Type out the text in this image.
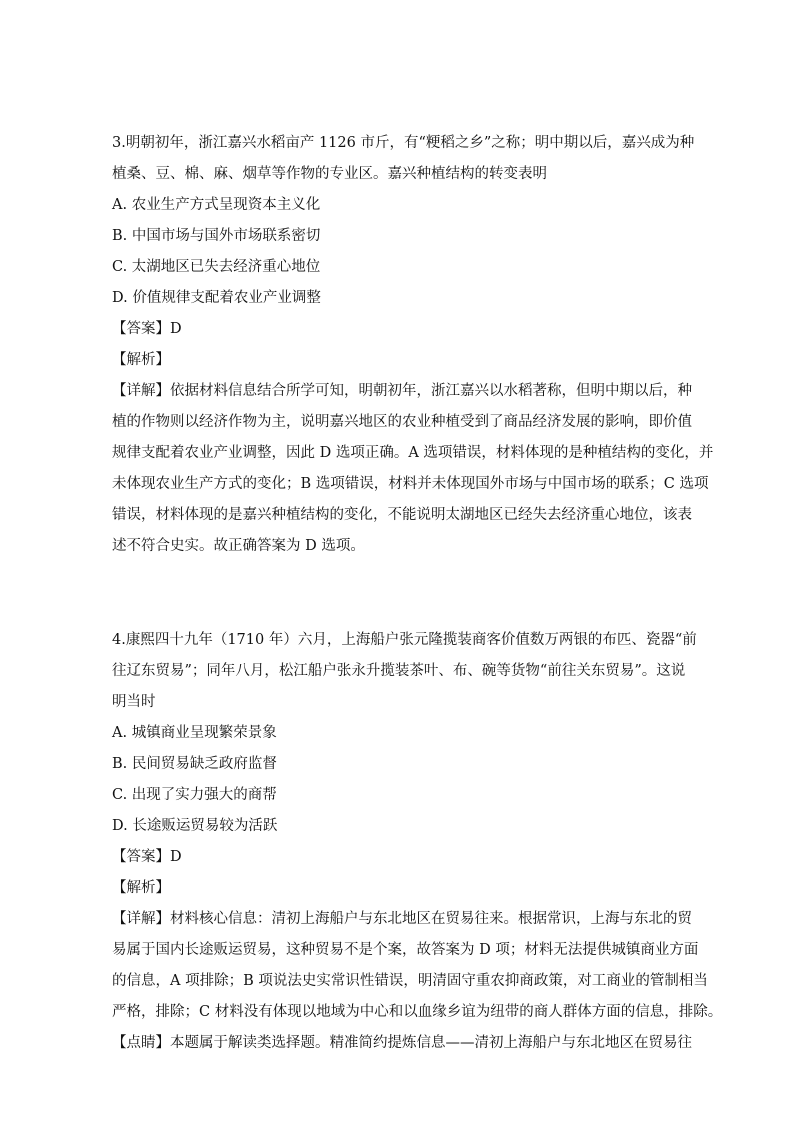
3.明朝初年，浙江嘉兴水稻亩产 1126 市斤，有“粳稻之乡”之称；明中期以后，嘉兴成为种
植桑、豆、棉、麻、烟草等作物的专业区。嘉兴种植结构的转变表明
A. 农业生产方式呈现资本主义化
B. 中国市场与国外市场联系密切
C. 太湖地区已失去经济重心地位
D. 价值规律支配着农业产业调整
【答案】D
【解析】
【详解】依据材料信息结合所学可知，明朝初年，浙江嘉兴以水稻著称，但明中期以后，种
植的作物则以经济作物为主，说明嘉兴地区的农业种植受到了商品经济发展的影响，即价值
规律支配着农业产业调整，因此 D 选项正确。A 选项错误，材料体现的是种植结构的变化，并
未体现农业生产方式的变化；B 选项错误，材料并未体现国外市场与中国市场的联系；C 选项
错误，材料体现的是嘉兴种植结构的变化，不能说明太湖地区已经失去经济重心地位，该表
述不符合史实。故正确答案为 D 选项。
4.康熙四十九年（1710 年）六月，上海船户张元隆揽装商客价值数万两银的布匹、瓷器“前
往辽东贸易”；同年八月，松江船户张永升揽装茶叶、布、碗等货物“前往关东贸易”。这说
明当时
A. 城镇商业呈现繁荣景象
B. 民间贸易缺乏政府监督
C. 出现了实力强大的商帮
D. 长途贩运贸易较为活跃
【答案】D
【解析】
【详解】材料核心信息：清初上海船户与东北地区在贸易往来。根据常识，上海与东北的贸
易属于国内长途贩运贸易，这种贸易不是个案，故答案为 D 项；材料无法提供城镇商业方面
的信息，A 项排除；B 项说法史实常识性错误，明清固守重农抑商政策，对工商业的管制相当
严格，排除；C 材料没有体现以地域为中心和以血缘乡谊为纽带的商人群体方面的信息，排除。
【点睛】本题属于解读类选择题。精准简约提炼信息——清初上海船户与东北地区在贸易往
